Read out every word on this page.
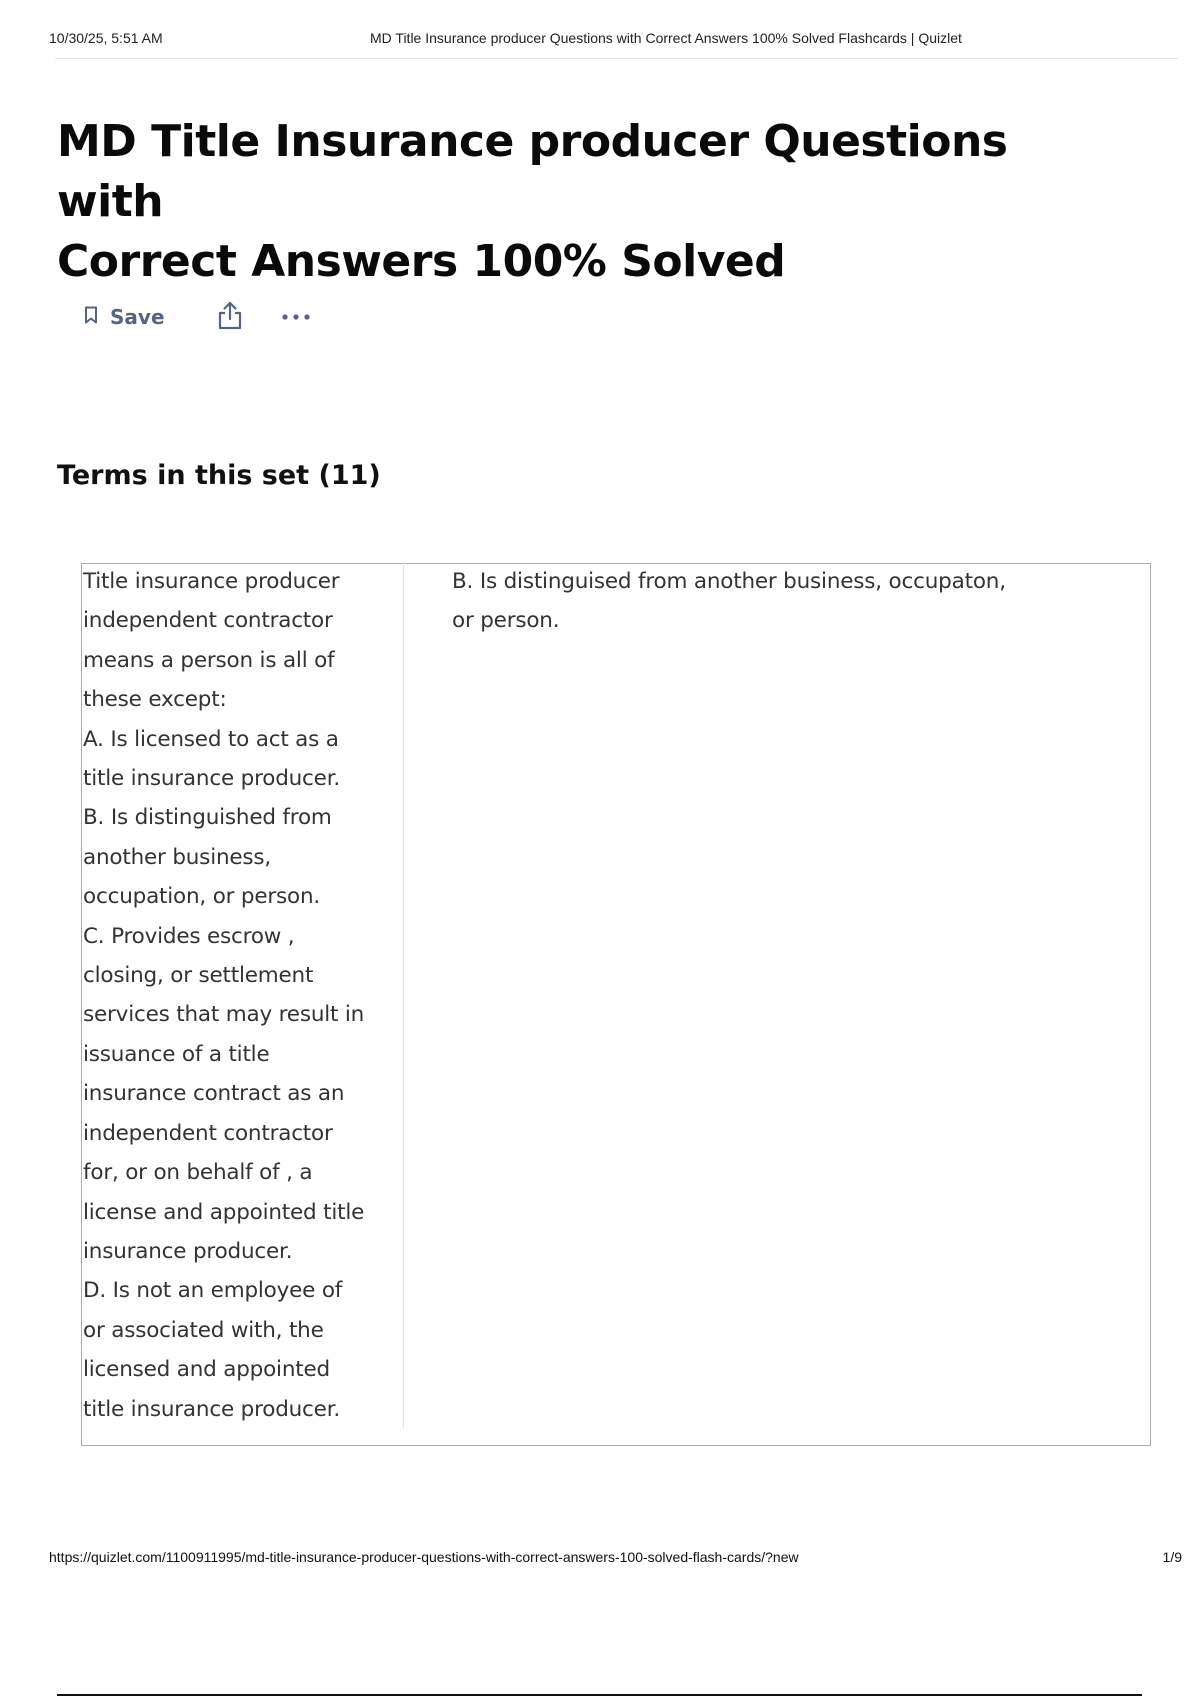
10/30/25, 5:51 AM	MD Title Insurance producer Questions with Correct Answers 100% Solved Flashcards | Quizlet
MD Title Insurance producer Questions with
Correct Answers 100% Solved
Save
Terms in this set (11)
Title insurance producer
independent contractor
means a person is all of
these except:
A. Is licensed to act as a
title insurance producer.
B. Is distinguished from
another business,
occupation, or person.
C. Provides escrow ,
closing, or settlement
services that may result in
issuance of a title
insurance contract as an
independent contractor
for, or on behalf of , a
license and appointed title
insurance producer.
D. Is not an employee of
or associated with, the
licensed and appointed
title insurance producer.
B. Is distinguised from another business, occupaton,
or person.
https://quizlet.com/1100911995/md-title-insurance-producer-questions-with-correct-answers-100-solved-flash-cards/?new	1/9
